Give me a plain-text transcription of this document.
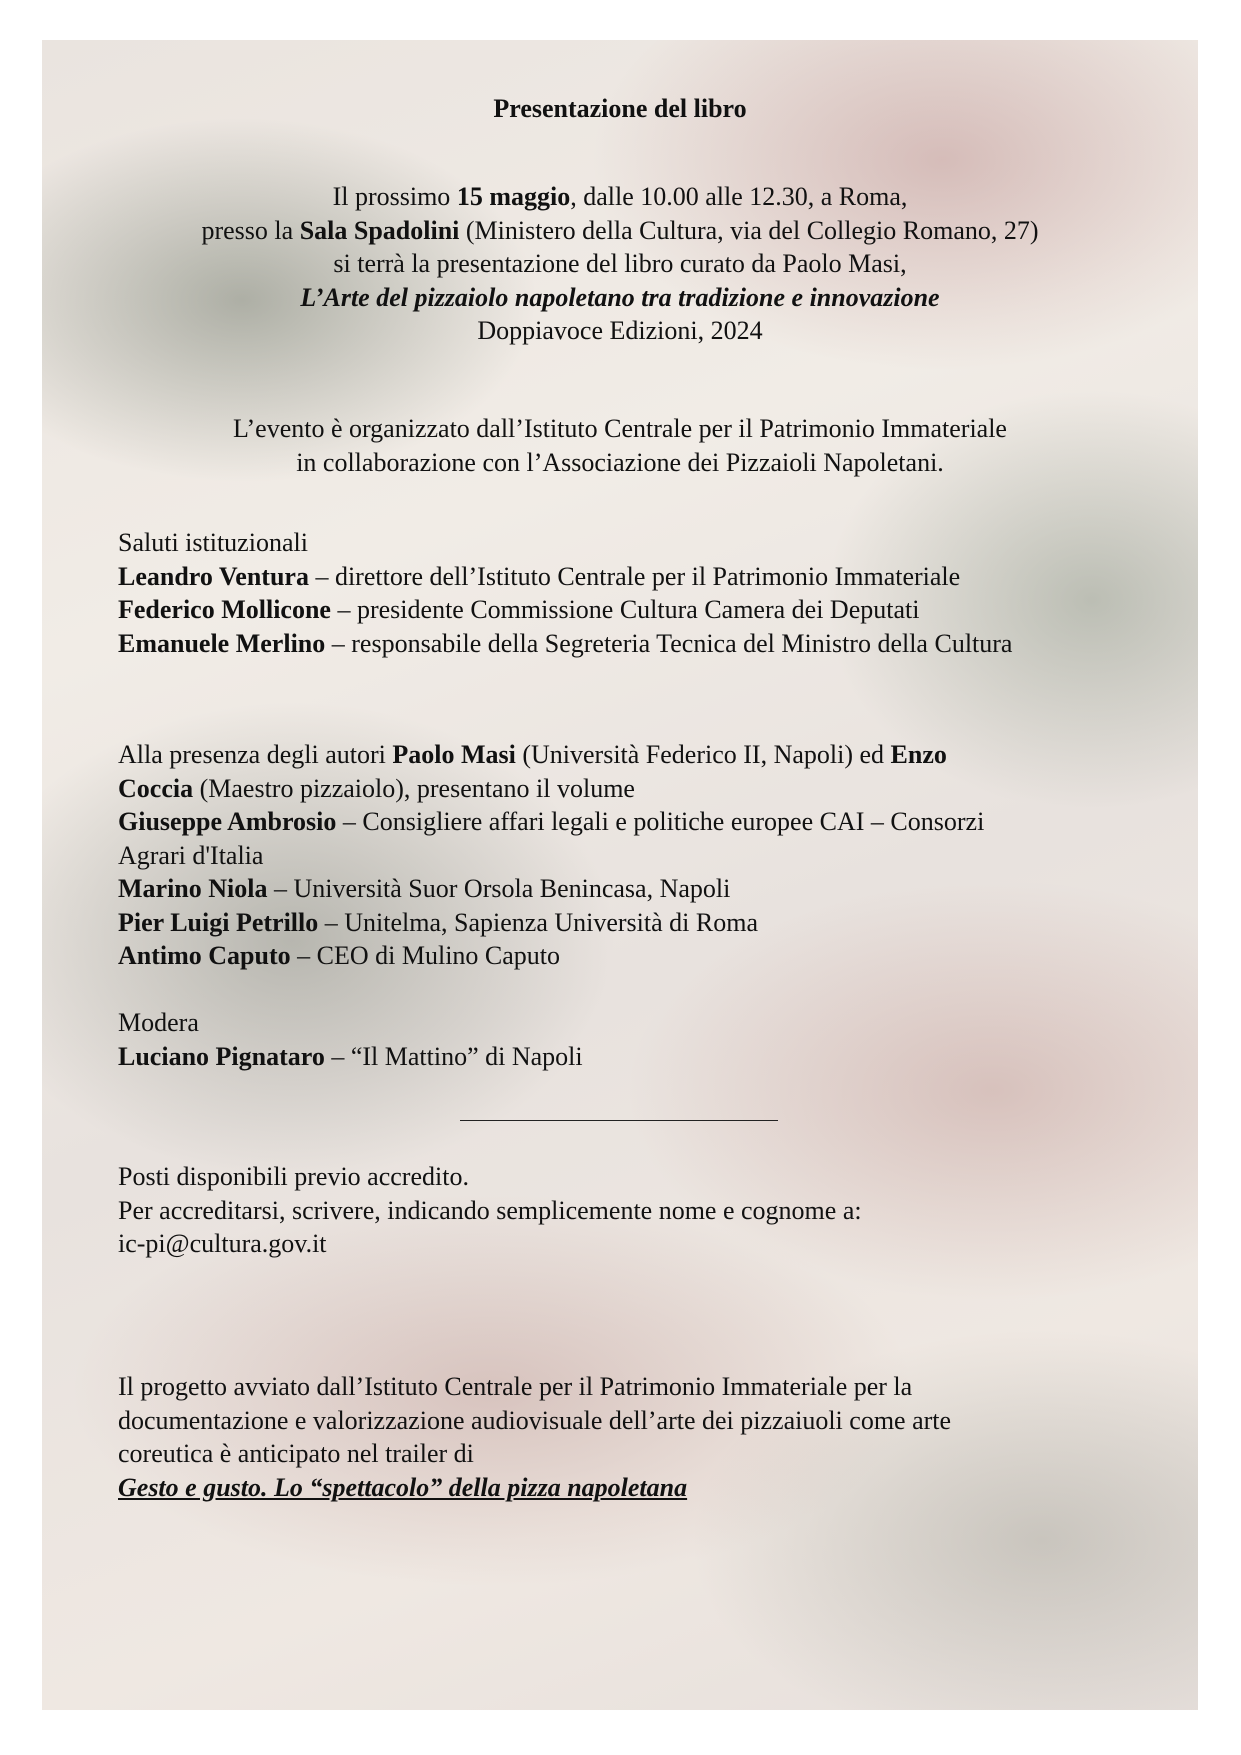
Presentazione del libro
Il prossimo 15 maggio, dalle 10.00 alle 12.30, a Roma,
presso la Sala Spadolini (Ministero della Cultura, via del Collegio Romano, 27)
si terrà la presentazione del libro curato da Paolo Masi,
L’Arte del pizzaiolo napoletano tra tradizione e innovazione
Doppiavoce Edizioni, 2024
L’evento è organizzato dall’Istituto Centrale per il Patrimonio Immateriale
in collaborazione con l’Associazione dei Pizzaioli Napoletani.
Saluti istituzionali
Leandro Ventura – direttore dell’Istituto Centrale per il Patrimonio Immateriale
Federico Mollicone – presidente Commissione Cultura Camera dei Deputati
Emanuele Merlino – responsabile della Segreteria Tecnica del Ministro della Cultura
Alla presenza degli autori Paolo Masi (Università Federico II, Napoli) ed Enzo
Coccia (Maestro pizzaiolo), presentano il volume
Giuseppe Ambrosio – Consigliere affari legali e politiche europee CAI – Consorzi
Agrari d'Italia
Marino Niola – Università Suor Orsola Benincasa, Napoli
Pier Luigi Petrillo – Unitelma, Sapienza Università di Roma
Antimo Caputo – CEO di Mulino Caputo
Modera
Luciano Pignataro – “Il Mattino” di Napoli
Posti disponibili previo accredito.
Per accreditarsi, scrivere, indicando semplicemente nome e cognome a:
ic-pi@cultura.gov.it
Il progetto avviato dall’Istituto Centrale per il Patrimonio Immateriale per la
documentazione e valorizzazione audiovisuale dell’arte dei pizzaiuoli come arte
coreutica è anticipato nel trailer di
Gesto e gusto. Lo “spettacolo” della pizza napoletana
